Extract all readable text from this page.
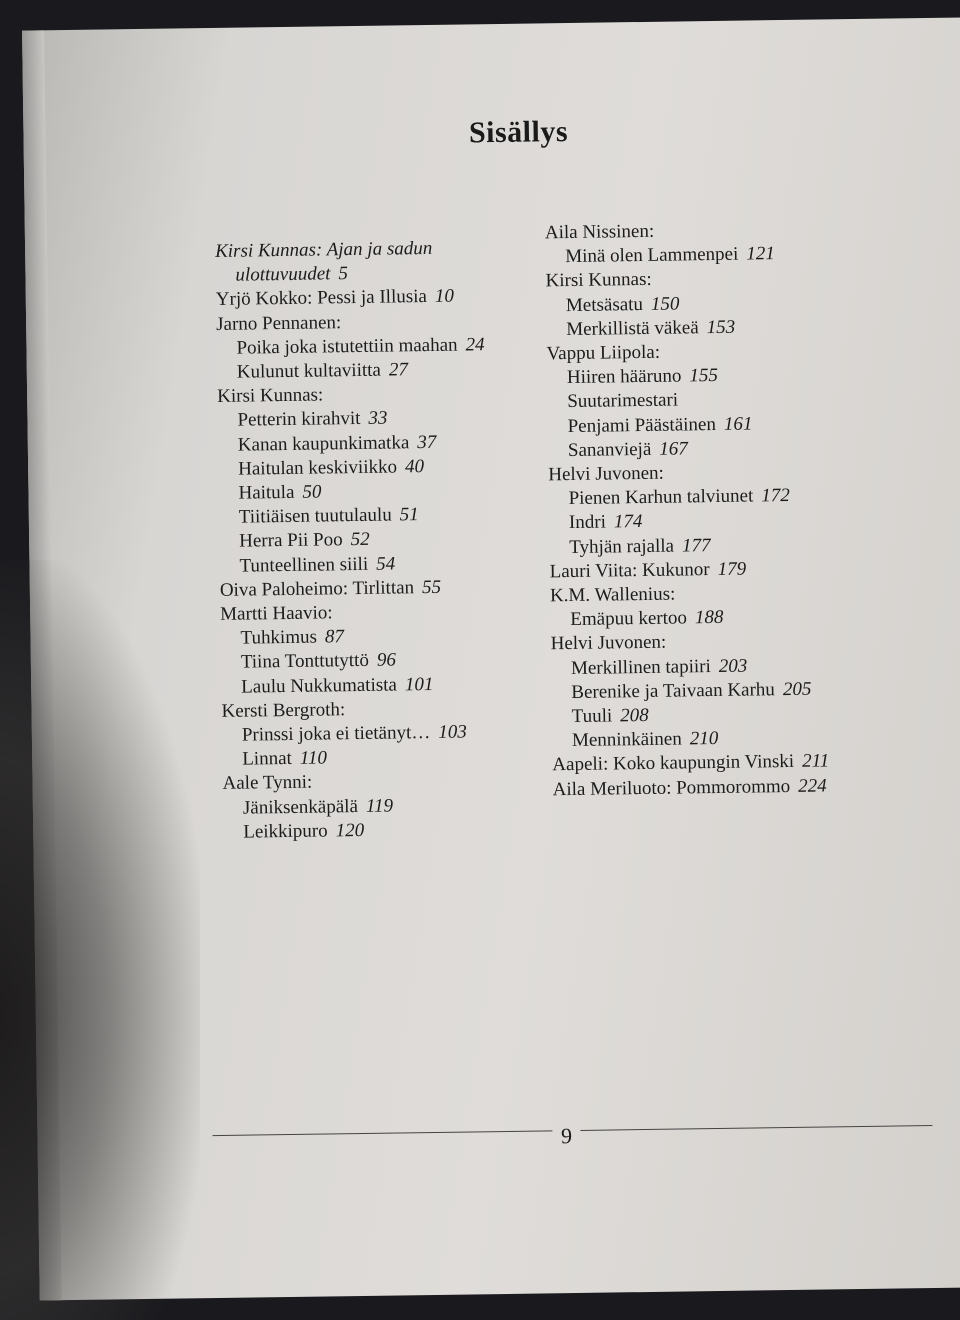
Sisällys
Kirsi Kunnas: Ajan ja sadun
ulottuvuudet 5
Yrjö Kokko: Pessi ja Illusia 10
Jarno Pennanen:
Poika joka istutettiin maahan 24
Kulunut kultaviitta 27
Kirsi Kunnas:
Petterin kirahvit 33
Kanan kaupunkimatka 37
Haitulan keskiviikko 40
Haitula 50
Tiitiäisen tuutulaulu 51
Herra Pii Poo 52
Tunteellinen siili 54
Oiva Paloheimo: Tirlittan 55
Martti Haavio:
Tuhkimus 87
Tiina Tonttutyttö 96
Laulu Nukkumatista 101
Kersti Bergroth:
Prinssi joka ei tietänyt… 103
Linnat 110
Aale Tynni:
Jäniksenkäpälä 119
Leikkipuro 120
Aila Nissinen:
Minä olen Lammenpei 121
Kirsi Kunnas:
Metsäsatu 150
Merkillistä väkeä 153
Vappu Liipola:
Hiiren hääruno 155
Suutarimestari
Penjami Päästäinen 161
Sananviejä 167
Helvi Juvonen:
Pienen Karhun talviunet 172
Indri 174
Tyhjän rajalla 177
Lauri Viita: Kukunor 179
K.M. Wallenius:
Emäpuu kertoo 188
Helvi Juvonen:
Merkillinen tapiiri 203
Berenike ja Taivaan Karhu 205
Tuuli 208
Menninkäinen 210
Aapeli: Koko kaupungin Vinski 211
Aila Meriluoto: Pommorommo 224
9
